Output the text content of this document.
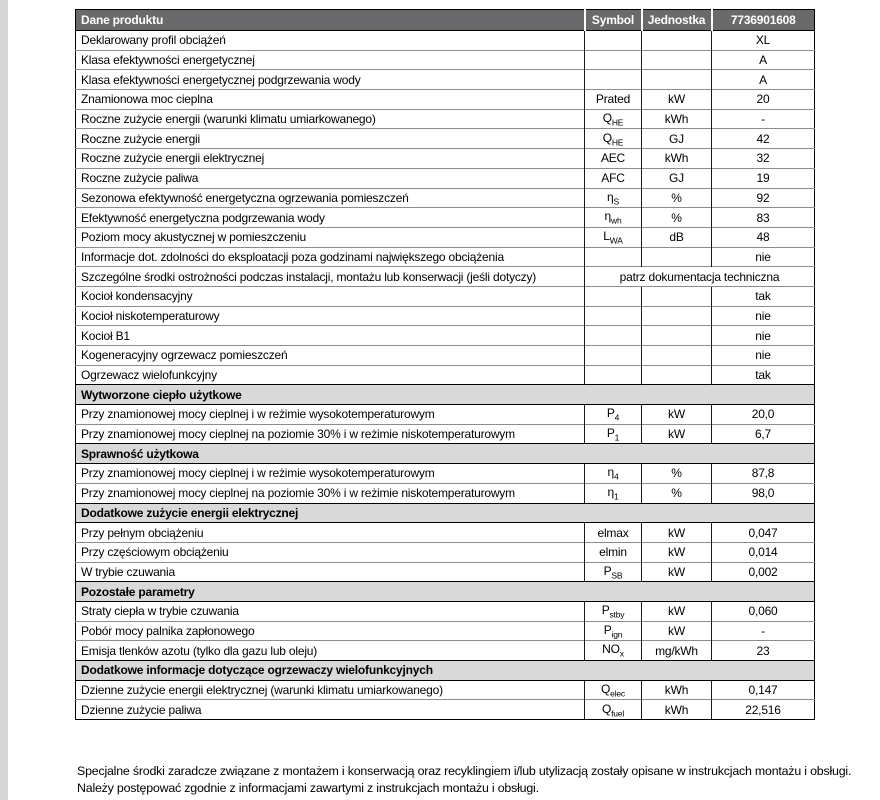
Dane produktu	Symbol	Jednostka	7736901608
Deklarowany profil obciążeń			XL
Klasa efektywności energetycznej			A
Klasa efektywności energetycznej podgrzewania wody			A
Znamionowa moc cieplna	Prated	kW	20
Roczne zużycie energii (warunki klimatu umiarkowanego)	$Q_{HE}$	kWh	-
Roczne zużycie energii	$Q_{HE}$	GJ	42
Roczne zużycie energii elektrycznej	AEC	kWh	32
Roczne zużycie paliwa	AFC	GJ	19
Sezonowa efektywność energetyczna ogrzewania pomieszczeń	$\eta_S$	%	92
Efektywność energetyczna podgrzewania wody	$\eta_{wh}$	%	83
Poziom mocy akustycznej w pomieszczeniu	$L_{WA}$	dB	48
Informacje dot. zdolności do eksploatacji poza godzinami największego obciążenia			nie
Szczególne środki ostrożności podczas instalacji, montażu lub konserwacji (jeśli dotyczy)	patrz dokumentacja techniczna		
Kocioł kondensacyjny			tak
Kocioł niskotemperaturowy			nie
Kocioł B1			nie
Kogeneracyjny ogrzewacz pomieszczeń			nie
Ogrzewacz wielofunkcyjny			tak
Wytworzone ciepło użytkowe			
Przy znamionowej mocy cieplnej i w reżimie wysokotemperaturowym	$P_4$	kW	20,0
Przy znamionowej mocy cieplnej na poziomie 30% i w reżimie niskotemperaturowym	$P_1$	kW	6,7
Sprawność użytkowa			
Przy znamionowej mocy cieplnej i w reżimie wysokotemperaturowym	$\eta_4$	%	87,8
Przy znamionowej mocy cieplnej na poziomie 30% i w reżimie niskotemperaturowym	$\eta_1$	%	98,0
Dodatkowe zużycie energii elektrycznej			
Przy pełnym obciążeniu	elmax	kW	0,047
Przy częściowym obciążeniu	elmin	kW	0,014
W trybie czuwania	$P_{SB}$	kW	0,002
Pozostałe parametry			
Straty ciepła w trybie czuwania	$P_{stby}$	kW	0,060
Pobór mocy palnika zapłonowego	$P_{ign}$	kW	-
Emisja tlenków azotu (tylko dla gazu lub oleju)	$NO_x$	mg/kWh	23
Dodatkowe informacje dotyczące ogrzewaczy wielofunkcyjnych			
Dzienne zużycie energii elektrycznej (warunki klimatu umiarkowanego)	$Q_{elec}$	kWh	0,147
Dzienne zużycie paliwa	$Q_{fuel}$	kWh	22,516
Specjalne środki zaradcze związane z montażem i konserwacją oraz recyklingiem i/lub utylizacją zostały opisane w instrukcjach montażu i obsługi.
Należy postępować zgodnie z informacjami zawartymi z instrukcjach montażu i obsługi.
